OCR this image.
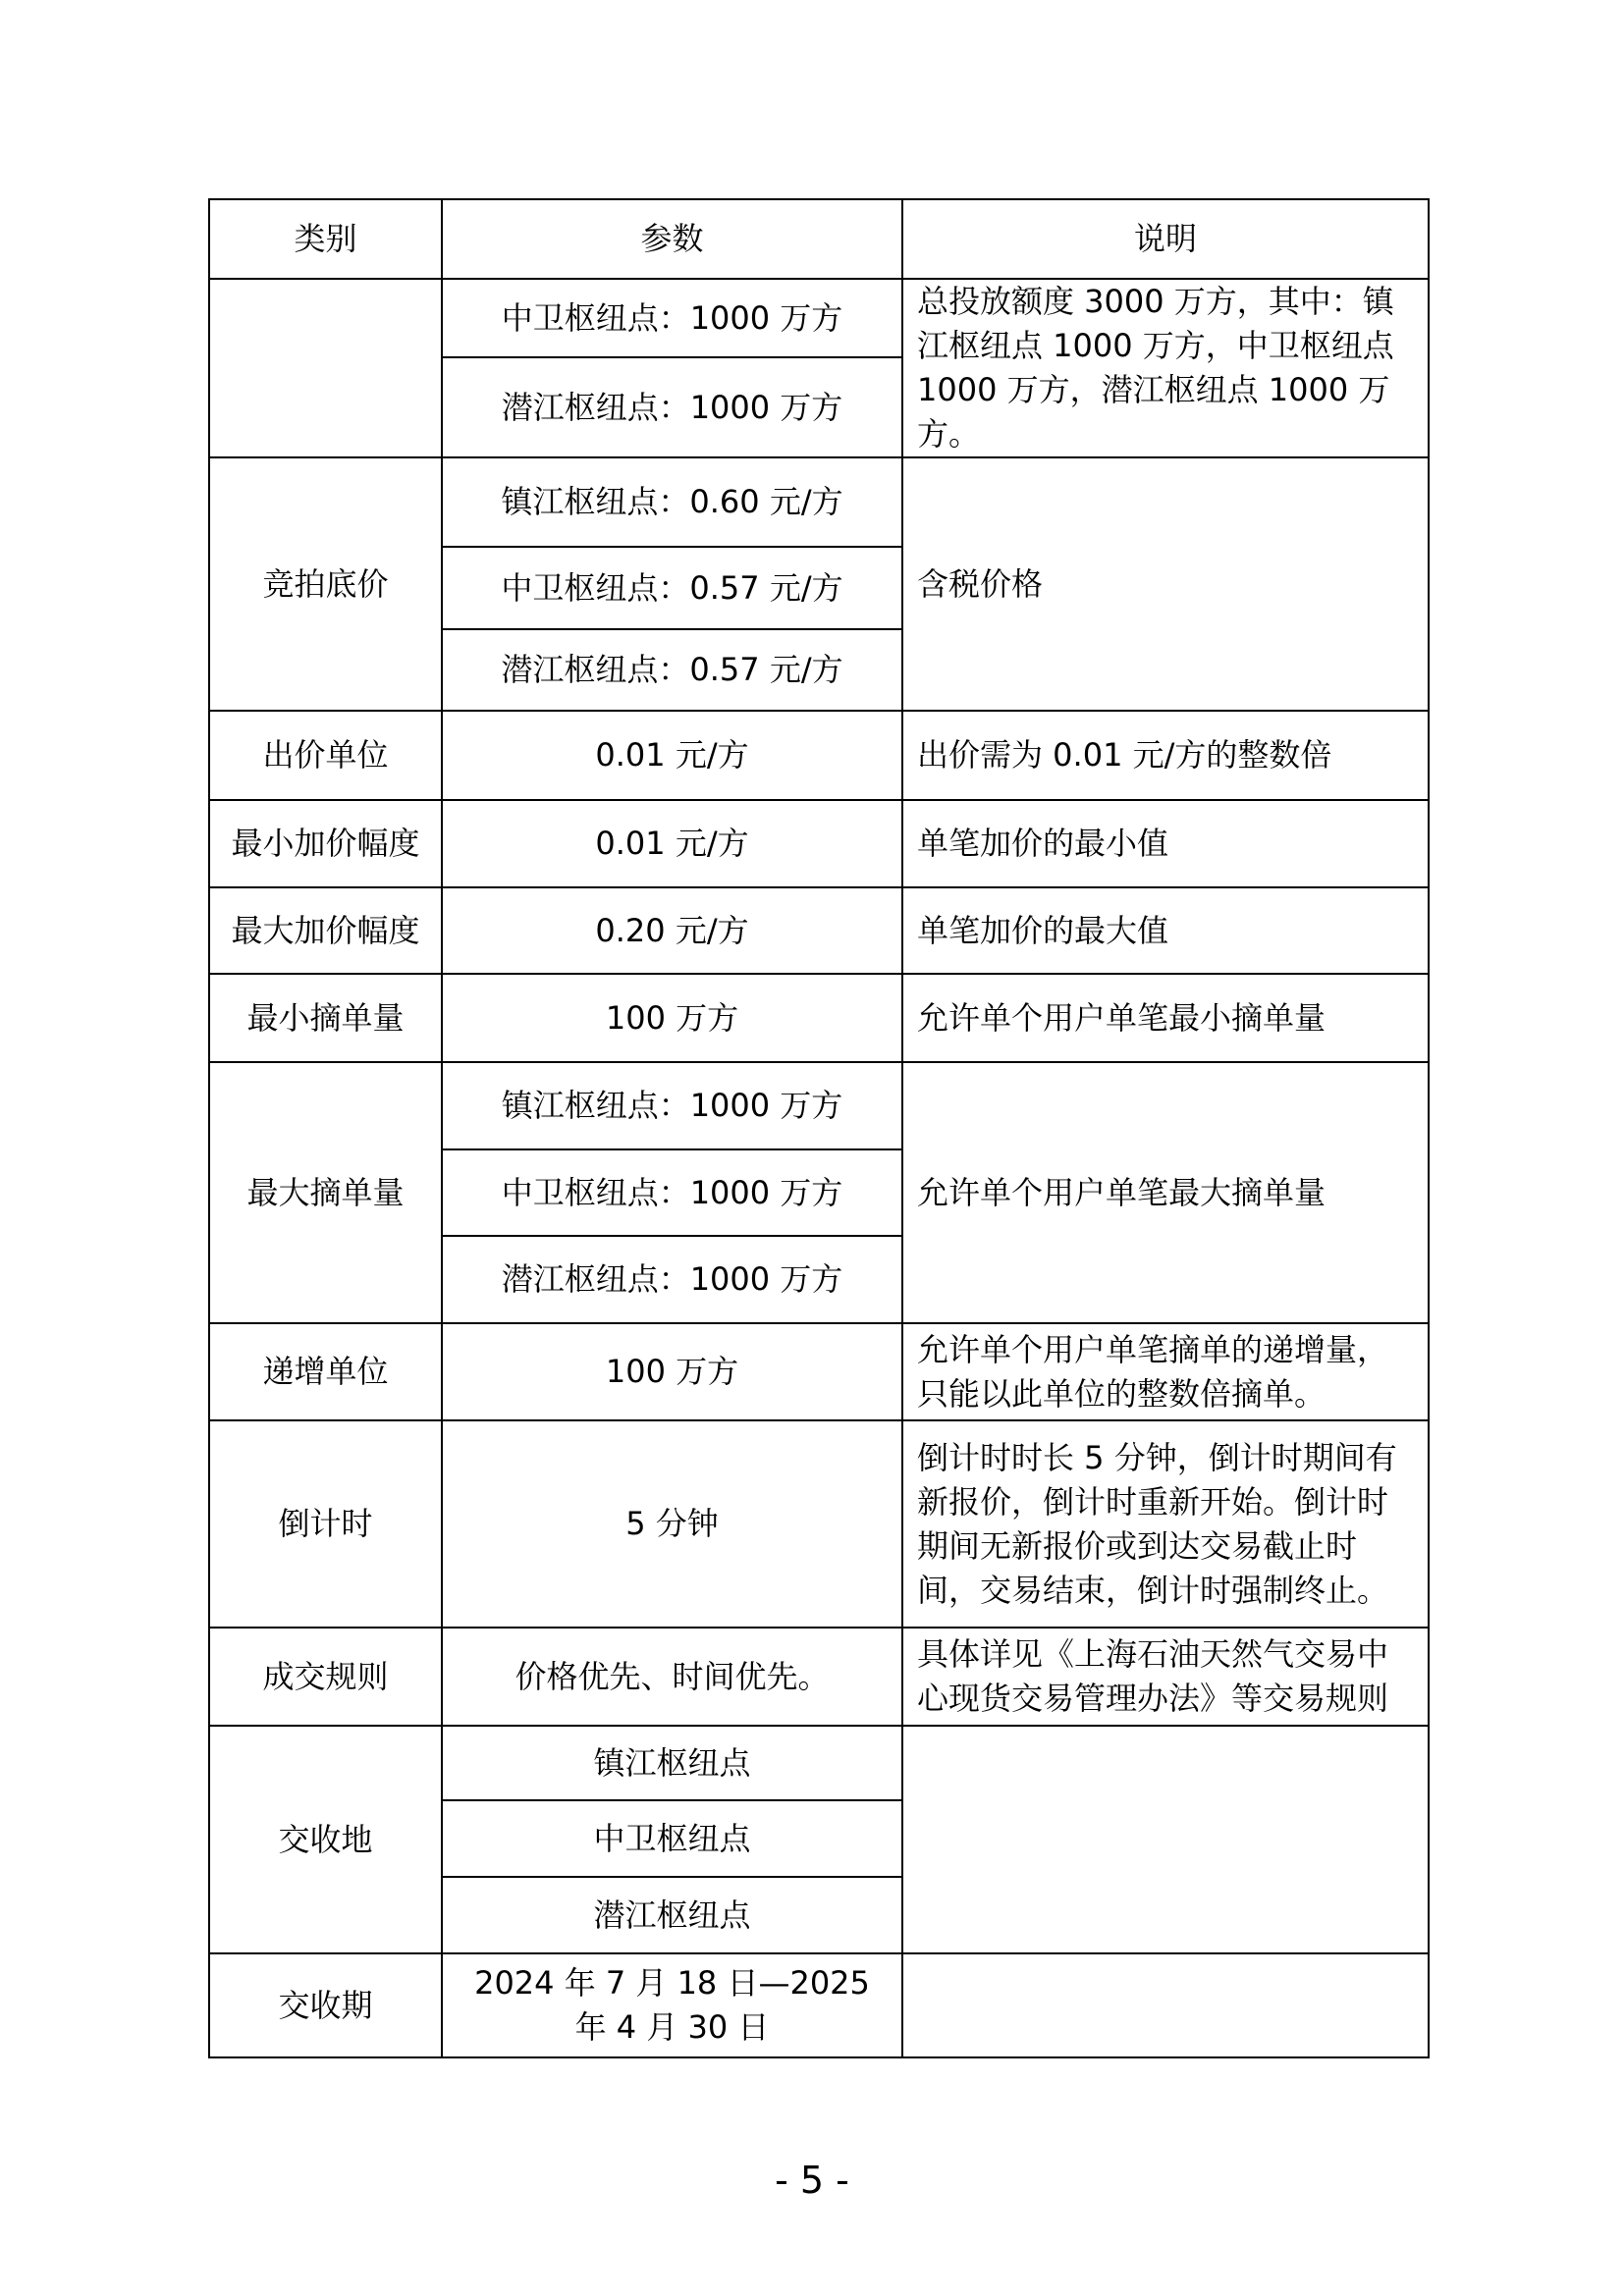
类别	参数	说明
	中卫枢纽点：1000 万方	总投放额度 3000 万方，其中：镇江枢纽点 1000 万方，中卫枢纽点 1000 万方，潜江枢纽点 1000 万方。
	潜江枢纽点：1000 万方	
竞拍底价	镇江枢纽点：0.60 元/方	含税价格
	中卫枢纽点：0.57 元/方	
	潜江枢纽点：0.57 元/方	
出价单位	0.01 元/方	出价需为 0.01 元/方的整数倍
最小加价幅度	0.01 元/方	单笔加价的最小值
最大加价幅度	0.20 元/方	单笔加价的最大值
最小摘单量	100 万方	允许单个用户单笔最小摘单量
最大摘单量	镇江枢纽点：1000 万方	允许单个用户单笔最大摘单量
	中卫枢纽点：1000 万方	
	潜江枢纽点：1000 万方	
递增单位	100 万方	允许单个用户单笔摘单的递增量，只能以此单位的整数倍摘单。
倒计时	5 分钟	倒计时时长 5 分钟，倒计时期间有新报价，倒计时重新开始。倒计时期间无新报价或到达交易截止时间，交易结束，倒计时强制终止。
成交规则	价格优先、时间优先。	具体详见《上海石油天然气交易中心现货交易管理办法》等交易规则
交收地	镇江枢纽点	
	中卫枢纽点	
	潜江枢纽点	
交收期	2024 年 7 月 18 日—2025 年 4 月 30 日	
- 5 -
